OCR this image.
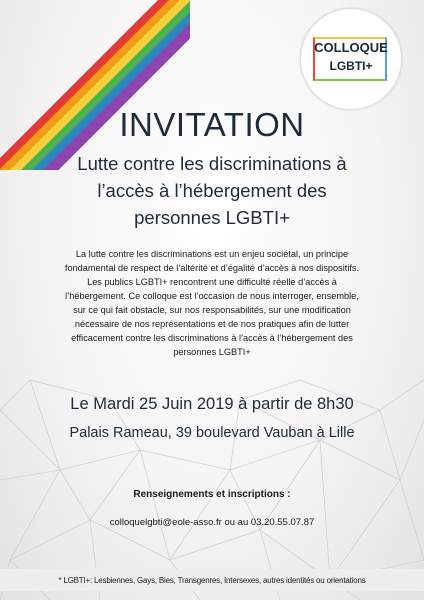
COLLOQUE
LGBTI+
INVITATION
Lutte contre les discriminations à
l’accès à l’hébergement des
personnes LGBTI+
La lutte contre les discriminations est un enjeu sociétal, un principe
fondamental de respect de l’altérité et d’égalité d’accès à nos dispositifs.
Les publics LGBTI+ rencontrent une difficulté réelle d’accès à
l’hébergement. Ce colloque est l’occasion de nous interroger, ensemble,
sur ce qui fait obstacle, sur nos responsabilités, sur une modification
nécessaire de nos représentations et de nos pratiques afin de lutter
efficacement contre les discriminations à l’accès à l’hébergement des
personnes LGBTI+
Le Mardi 25 Juin 2019 à partir de 8h30
Palais Rameau, 39 boulevard Vauban à Lille
Renseignements et inscriptions :
colloquelgbti@eole-asso.fr ou au 03.20.55.07.87
* LGBTI+: Lesbiennes, Gays, Bies, Transgenres, Intersexes, autres identités ou orientations
